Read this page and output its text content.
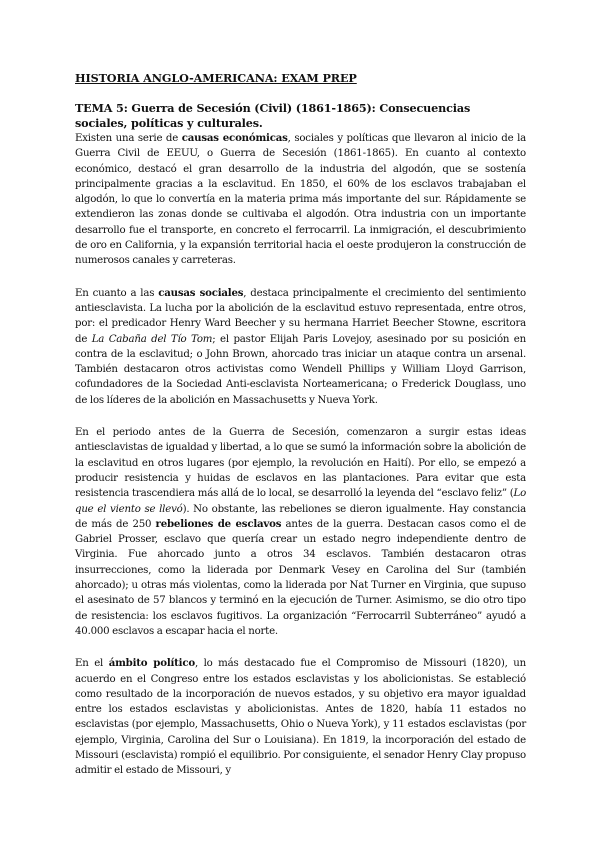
HISTORIA ANGLO-AMERICANA: EXAM PREP
TEMA 5: Guerra de Secesión (Civil) (1861-1865): Consecuencias sociales, políticas y culturales.

Existen una serie de causas económicas, sociales y políticas que llevaron al inicio de la Guerra Civil de EEUU, o Guerra de Secesión (1861-1865). En cuanto al contexto económico, destacó el gran desarrollo de la industria del algodón, que se sostenía principalmente gracias a la esclavitud. En 1850, el 60% de los esclavos trabajaban el algodón, lo que lo convertía en la materia prima más importante del sur. Rápidamente se extendieron las zonas donde se cultivaba el algodón. Otra industria con un importante desarrollo fue el transporte, en concreto el ferrocarril. La inmigración, el descubrimiento de oro en California, y la expansión territorial hacia el oeste produjeron la construcción de numerosos canales y carreteras.

En cuanto a las causas sociales, destaca principalmente el crecimiento del sentimiento antiesclavista. La lucha por la abolición de la esclavitud estuvo representada, entre otros, por: el predicador Henry Ward Beecher y su hermana Harriet Beecher Stowne, escritora de La Cabaña del Tío Tom; el pastor Elijah Paris Lovejoy, asesinado por su posición en contra de la esclavitud; o John Brown, ahorcado tras iniciar un ataque contra un arsenal. También destacaron otros activistas como Wendell Phillips y William Lloyd Garrison, cofundadores de la Sociedad Anti-esclavista Norteamericana; o Frederick Douglass, uno de los líderes de la abolición en Massachusetts y Nueva York.

En el periodo antes de la Guerra de Secesión, comenzaron a surgir estas ideas antiesclavistas de igualdad y libertad, a lo que se sumó la información sobre la abolición de la esclavitud en otros lugares (por ejemplo, la revolución en Haití). Por ello, se empezó a producir resistencia y huidas de esclavos en las plantaciones. Para evitar que esta resistencia trascendiera más allá de lo local, se desarrolló la leyenda del “esclavo feliz” (Lo que el viento se llevó). No obstante, las rebeliones se dieron igualmente. Hay constancia de más de 250 rebeliones de esclavos antes de la guerra. Destacan casos como el de Gabriel Prosser, esclavo que quería crear un estado negro independiente dentro de Virginia. Fue ahorcado junto a otros 34 esclavos. También destacaron otras insurrecciones, como la liderada por Denmark Vesey en Carolina del Sur (también ahorcado); u otras más violentas, como la liderada por Nat Turner en Virginia, que supuso el asesinato de 57 blancos y terminó en la ejecución de Turner. Asimismo, se dio otro tipo de resistencia: los esclavos fugitivos. La organización “Ferrocarril Subterráneo” ayudó a 40.000 esclavos a escapar hacia el norte.

En el ámbito político, lo más destacado fue el Compromiso de Missouri (1820), un acuerdo en el Congreso entre los estados esclavistas y los abolicionistas. Se estableció como resultado de la incorporación de nuevos estados, y su objetivo era mayor igualdad entre los estados esclavistas y abolicionistas. Antes de 1820, había 11 estados no esclavistas (por ejemplo, Massachusetts, Ohio o Nueva York), y 11 estados esclavistas (por ejemplo, Virginia, Carolina del Sur o Louisiana). En 1819, la incorporación del estado de Missouri (esclavista) rompió el equilibrio. Por consiguiente, el senador Henry Clay propuso admitir el estado de Missouri, y
